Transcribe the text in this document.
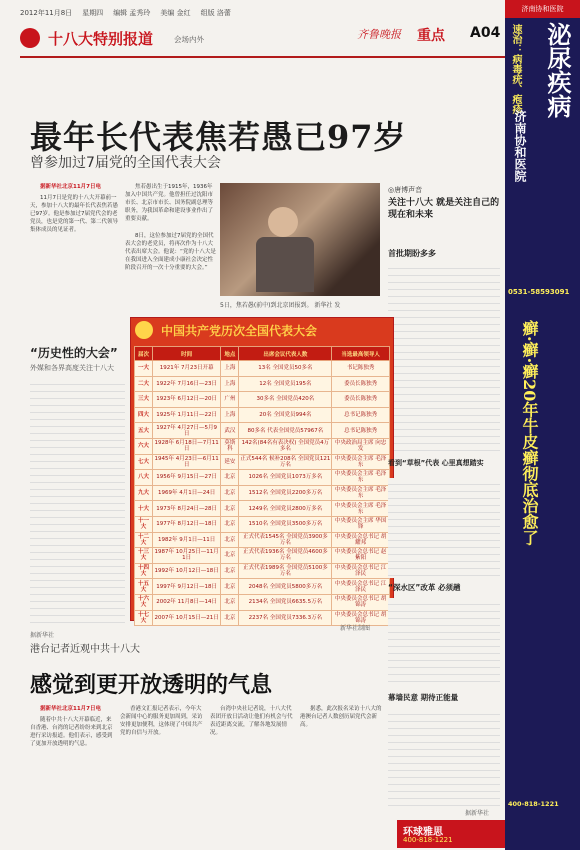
2012年11月8日 星期四 编辑 孟秀玲 美编 金红 组版 洛蕾
十八大特别报道	会场内外	齐鲁晚报 重点 A04
最年长代表焦若愚已97岁
曾参加过7届党的全国代表大会

据新华社北京11月7日电

11月7日是党的十八大开幕前一天，参加十八大的最年长代表焦若愚已97岁。他是参加过7届党代会的老党员，也是党的第一代、第二代领导集体成员的见证者。

焦若愚出生于1915年，1936年加入中国共产党。他曾担任过沈阳市市长、北京市市长、国务院副总理等职务，为我国革命和建设事业作出了重要贡献。

8日，这位参加过7届党的全国代表大会的老党员，将再次作为十八大代表出席大会。他说：“党的十八大是在我国进入全面建成小康社会决定性阶段召开的一次十分重要的大会。”

5日，焦若愚(前中)到北京团报到。 新华社 发
◎唐博声音
关注十八大 就是关注自己的现在和未来
首批期盼多多
“历史性的大会”
外媒和各界高度关注十八大
据新华社
中国共产党历次全国代表大会
届次	时间	地点	出席会议代表人数	当选最高领导人
一大	1921年 7月23日开幕	上海	13名 全国党员50多名	书记陈独秀
二大	1922年 7月16日—23日	上海	12名 全国党员195名	委员长陈独秀
三大	1923年 6月12日—20日	广州	30多名 全国党员420名	委员长陈独秀
四大	1925年 1月11日—22日	上海	20名 全国党员994名	总书记陈独秀
五大	1927年 4月27日—5月9日	武汉	80多名 代表全国党员57967名	总书记陈独秀
六大	1928年 6月18日—7月11日	莫斯科	142名(84名有表决权) 全国党员4万多名	中央政治局主席 向忠发
七大	1945年 4月23日—6月11日	延安	正式544名 候补208名 全国党员121万名	中央委员会主席 毛泽东
八大	1956年 9月15日—27日	北京	1026名 全国党员1073万多名	中央委员会主席 毛泽东
九大	1969年 4月1日—24日	北京	1512名 全国党员2200多万名	中央委员会主席 毛泽东
十大	1973年 8月24日—28日	北京	1249名 全国党员2800万多名	中央委员会主席 毛泽东
十一大	1977年 8月12日—18日	北京	1510名 全国党员3500多万名	中央委员会主席 华国锋
十二大	1982年 9月1日—11日	北京	正式代表1545名 全国党员3900多万名	中央委员会总书记 胡耀邦
十三大	1987年 10月25日—11月1日	北京	正式代表1936名 全国党员4600多万名	中央委员会总书记 赵紫阳
十四大	1992年 10月12日—18日	北京	正式代表1989名 全国党员5100多万名	中央委员会总书记 江泽民
十五大	1997年 9月12日—18日	北京	2048名 全国党员5800多万名	中央委员会总书记 江泽民
十六大	2002年 11月8日—14日	北京	2134名 全国党员6635.5万名	中央委员会总书记 胡锦涛
十七大	2007年 10月15日—21日	北京	2237名 全国党员7336.3万名	中央委员会总书记 胡锦涛
新华社制图
看到“草根”代表 心里真想踏实
“深水区”改革 必须趟
幕墙民意 期待正能量
据新华社
港台记者近观中共十八大
感觉到更开放透明的气息

据新华社北京11月7日电

随着中共十八大开幕临近，来自香港、台湾的记者纷纷来到北京进行采访报道。他们表示，感受到了更加开放透明的气息。

香港文汇报记者表示，今年大会新闻中心的服务更加周到，采访安排更加便利，这体现了中国共产党的自信与开放。

台湾中央社记者说，十八大代表团开放日活动让他们有机会与代表近距离交流，了解各地发展情况。

据悉，此次报名采访十八大的港澳台记者人数创历届党代会新高。

环球雅思
400-818-1221
济南协和医院
泌尿疾病
速治：病毒疣、疱疹
济南协和医院
0531-58593091
癣·癣·癣20年牛皮癣彻底治愈了
400-818-1221
